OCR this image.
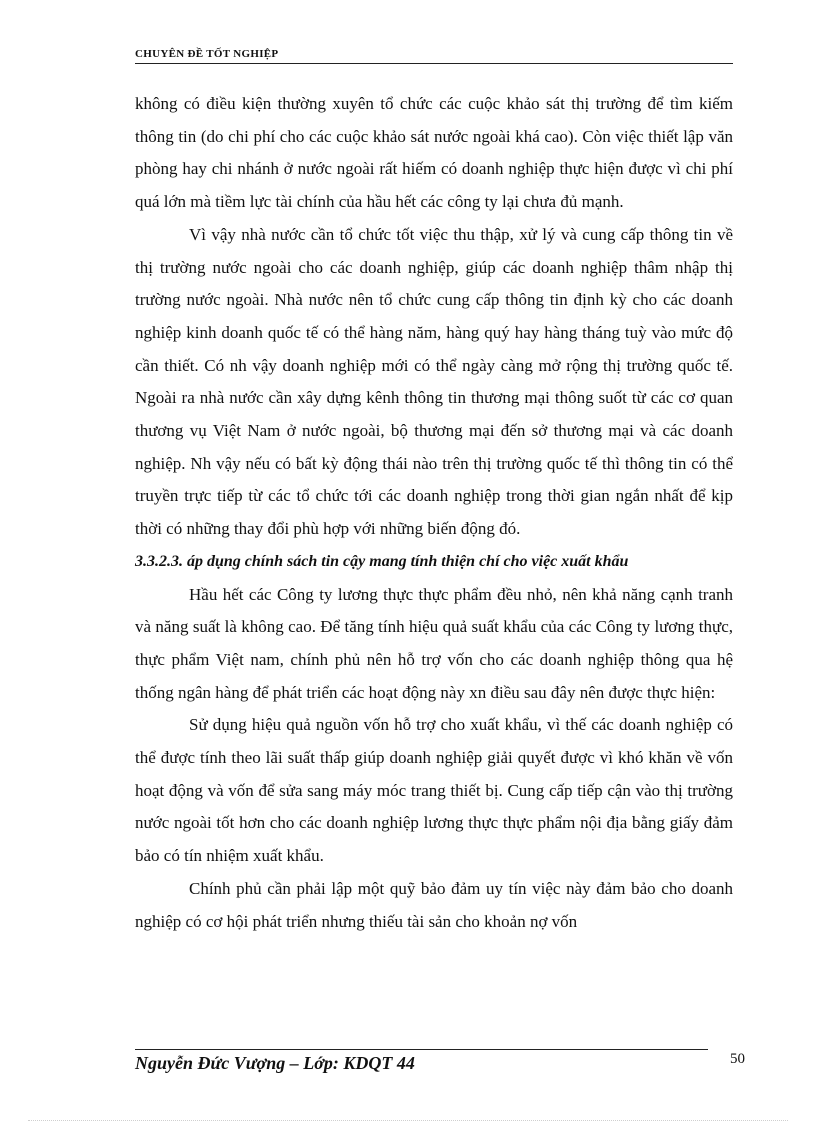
CHUYÊN ĐỀ TỐT NGHIỆP

không có điều kiện thường xuyên tổ chức các cuộc khảo sát thị trường để tìm kiếm thông tin (do chi phí cho các cuộc khảo sát nước ngoài khá cao). Còn việc thiết lập văn phòng hay chi nhánh ở nước ngoài rất hiếm có doanh nghiệp thực hiện được vì chi phí quá lớn mà tiềm lực tài chính của hầu hết các công ty lại chưa đủ mạnh.

Vì vậy nhà nước cần tổ chức tốt việc thu thập, xử lý và cung cấp thông tin về thị trường nước ngoài cho các doanh nghiệp, giúp các doanh nghiệp thâm nhập thị trường nước ngoài. Nhà nước nên tổ chức cung cấp thông tin định kỳ cho các doanh nghiệp kinh doanh quốc tế có thể hàng năm, hàng quý hay hàng tháng tuỳ vào mức độ cần thiết. Có nh vậy doanh nghiệp mới có thể ngày càng mở rộng thị trường quốc tế. Ngoài ra nhà nước cần xây dựng kênh thông tin thương mại thông suốt từ các cơ quan thương vụ Việt Nam ở nước ngoài, bộ thương mại đến sở thương mại và các doanh nghiệp. Nh vậy nếu có bất kỳ động thái nào trên thị trường quốc tế thì thông tin có thể truyền trực tiếp từ các tổ chức tới các doanh nghiệp trong thời gian ngắn nhất để kịp thời có những thay đổi phù hợp với những biến động đó.

3.3.2.3. áp dụng chính sách tin cậy mang tính thiện chí cho việc xuất khẩu

Hầu hết các Công ty lương thực thực phẩm đều nhỏ, nên khả năng cạnh tranh và năng suất là không cao. Để tăng tính hiệu quả suất khẩu của các Công ty lương thực, thực phẩm Việt nam, chính phủ nên hỗ trợ vốn cho các doanh nghiệp thông qua hệ thống ngân hàng để phát triển các hoạt động này xn điều sau đây nên được thực hiện:

Sử dụng hiệu quả nguồn vốn hỗ trợ cho xuất khẩu, vì thế các doanh nghiệp có thể được tính theo lãi suất thấp giúp doanh nghiệp giải quyết được vì khó khăn về vốn hoạt động và vốn để sửa sang máy móc trang thiết bị. Cung cấp tiếp cận vào thị trường nước ngoài tốt hơn cho các doanh nghiệp lương thực thực phẩm nội địa bằng giấy đảm bảo có tín nhiệm xuất khẩu.

Chính phủ cần phải lập một quỹ bảo đảm uy tín việc này đảm bảo cho doanh nghiệp có cơ hội phát triển nhưng thiếu tài sản cho khoản nợ vốn

Nguyễn Đức Vượng – Lớp: KDQT 44	50
